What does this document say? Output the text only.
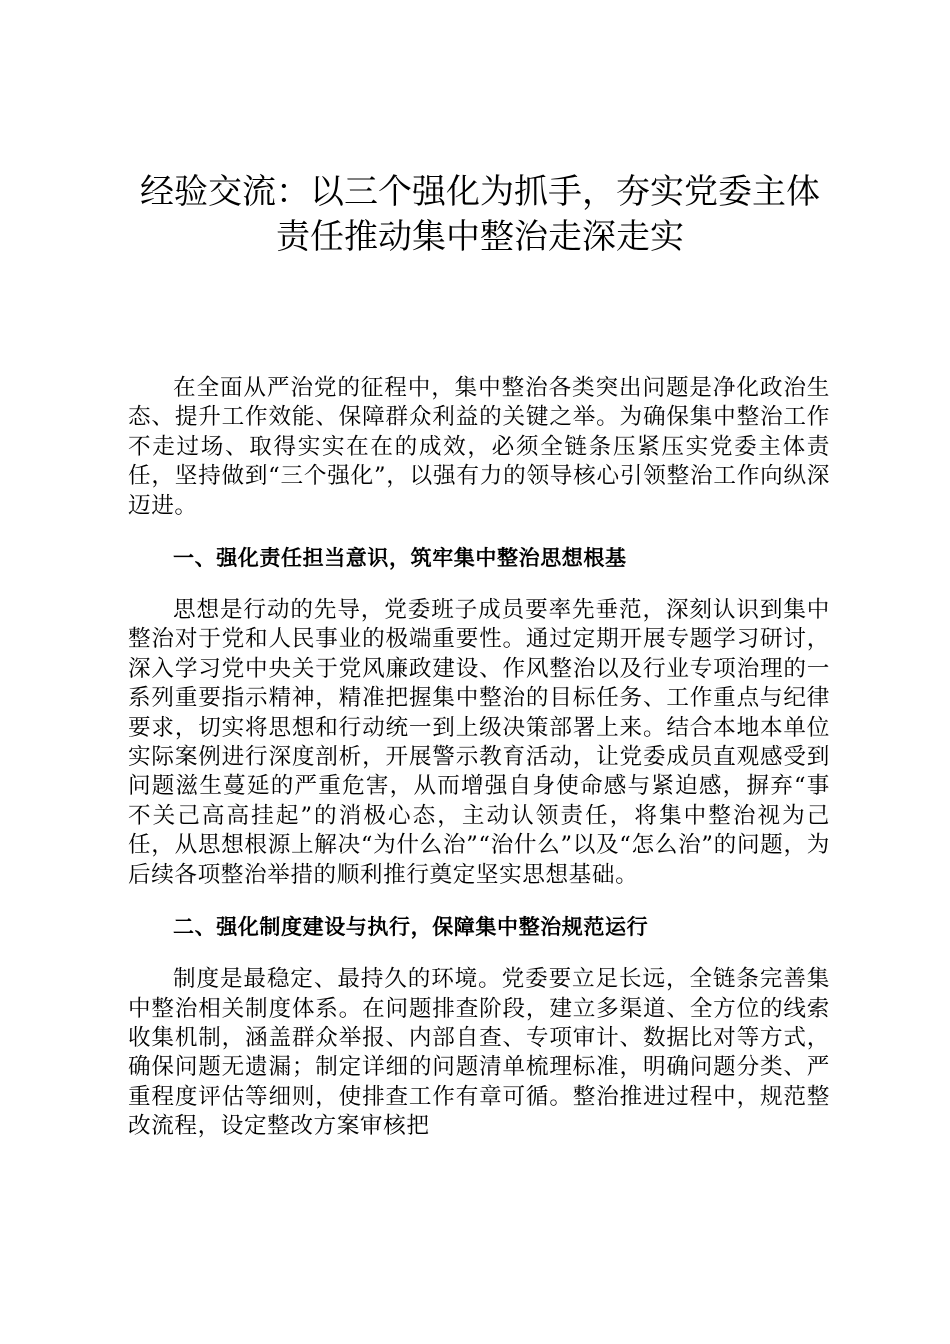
经验交流：以三个强化为抓手，夯实党委主体
责任推动集中整治走深走实

在全面从严治党的征程中，集中整治各类突出问题是净化政治生态、提升工作效能、保障群众利益的关键之举。为确保集中整治工作不走过场、取得实实在在的成效，必须全链条压紧压实党委主体责任，坚持做到“三个强化”，以强有力的领导核心引领整治工作向纵深迈进。

一、强化责任担当意识，筑牢集中整治思想根基

思想是行动的先导，党委班子成员要率先垂范，深刻认识到集中整治对于党和人民事业的极端重要性。通过定期开展专题学习研讨，深入学习党中央关于党风廉政建设、作风整治以及行业专项治理的一系列重要指示精神，精准把握集中整治的目标任务、工作重点与纪律要求，切实将思想和行动统一到上级决策部署上来。结合本地本单位实际案例进行深度剖析，开展警示教育活动，让党委成员直观感受到问题滋生蔓延的严重危害，从而增强自身使命感与紧迫感，摒弃“事不关己高高挂起”的消极心态，主动认领责任，将集中整治视为己任，从思想根源上解决“为什么治”“治什么”以及“怎么治”的问题，为后续各项整治举措的顺利推行奠定坚实思想基础。

二、强化制度建设与执行，保障集中整治规范运行

制度是最稳定、最持久的环境。党委要立足长远，全链条完善集中整治相关制度体系。在问题排查阶段，建立多渠道、全方位的线索收集机制，涵盖群众举报、内部自查、专项审计、数据比对等方式，确保问题无遗漏；制定详细的问题清单梳理标准，明确问题分类、严重程度评估等细则，使排查工作有章可循。整治推进过程中，规范整改流程，设定整改方案审核把
